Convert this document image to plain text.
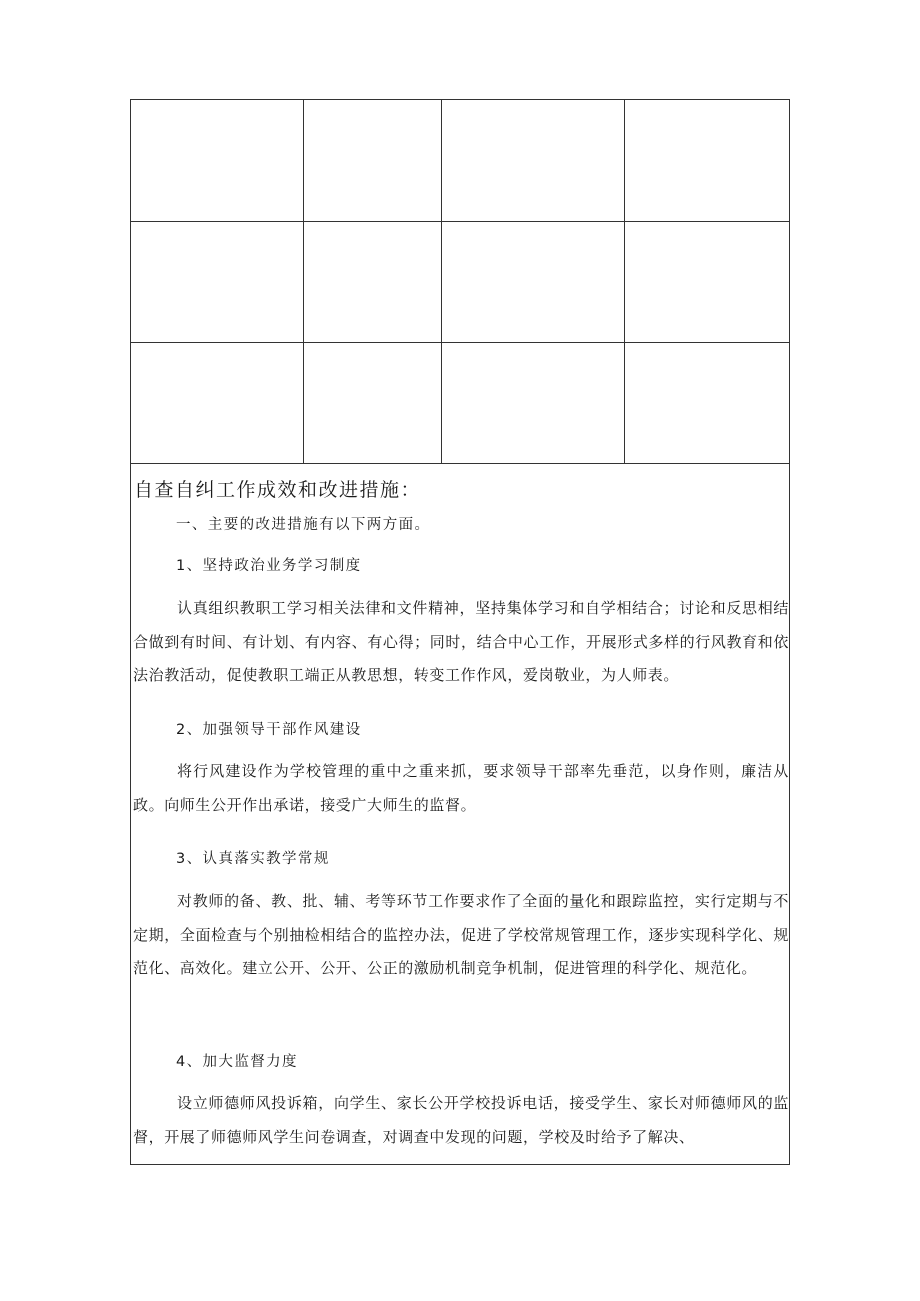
自查自纠工作成效和改进措施：
一、主要的改进措施有以下两方面。
1、坚持政治业务学习制度
认真组织教职工学习相关法律和文件精神，坚持集体学习和自学相结合；讨论和反思相结合做到有时间、有计划、有内容、有心得；同时，结合中心工作，开展形式多样的行风教育和依法治教活动，促使教职工端正从教思想，转变工作作风，爱岗敬业，为人师表。
2、加强领导干部作风建设
将行风建设作为学校管理的重中之重来抓，要求领导干部率先垂范，以身作则，廉洁从政。向师生公开作出承诺，接受广大师生的监督。
3、认真落实教学常规
对教师的备、教、批、辅、考等环节工作要求作了全面的量化和跟踪监控，实行定期与不定期，全面检查与个别抽检相结合的监控办法，促进了学校常规管理工作，逐步实现科学化、规范化、高效化。建立公开、公开、公正的激励机制竞争机制，促进管理的科学化、规范化。
4、加大监督力度
设立师德师风投诉箱，向学生、家长公开学校投诉电话，接受学生、家长对师德师风的监督，开展了师德师风学生问卷调查，对调查中发现的问题，学校及时给予了解决、
